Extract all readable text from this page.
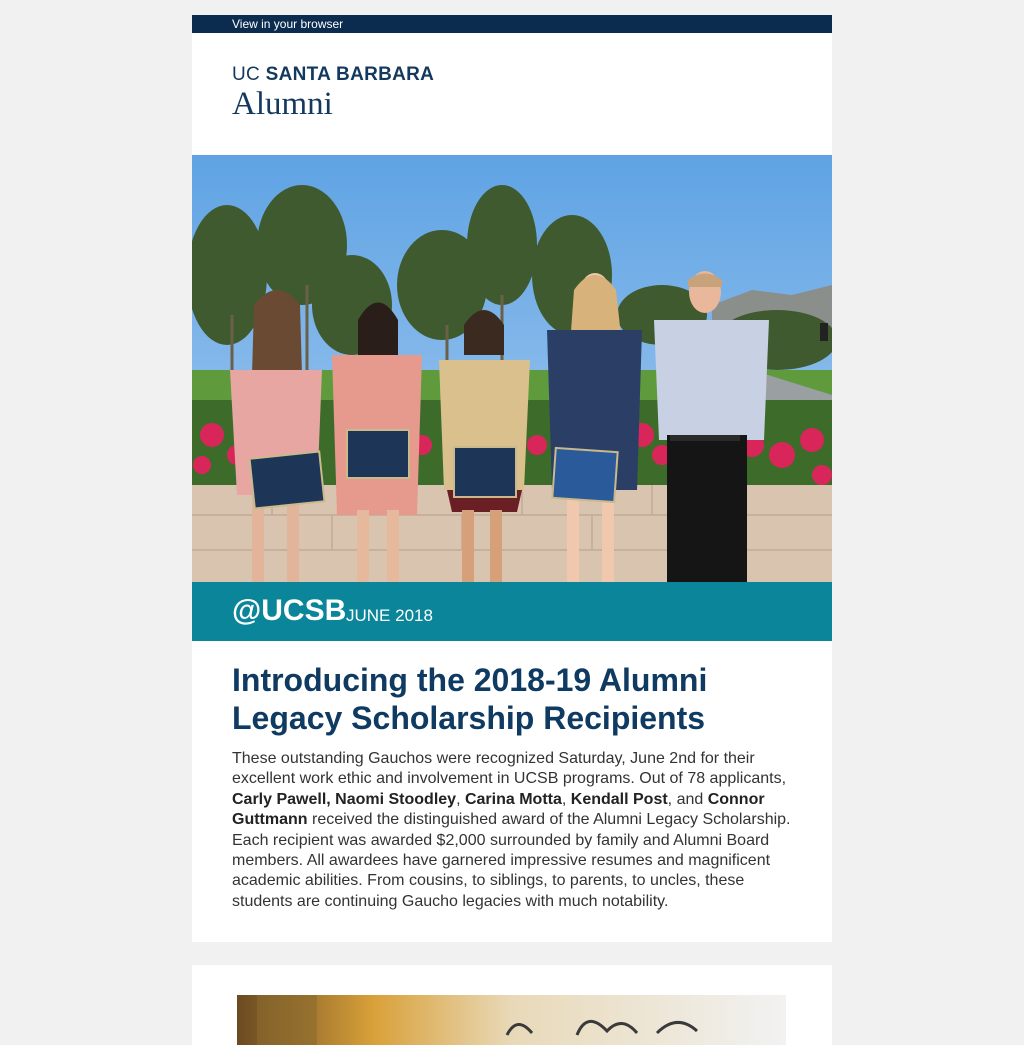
View in your browser
UC SANTA BARBARA
Alumni
@UCSB JUNE 2018
Introducing the 2018-19 Alumni Legacy Scholarship Recipients

These outstanding Gauchos were recognized Saturday, June 2nd for their excellent work ethic and involvement in UCSB programs. Out of 78 applicants, Carly Pawell, Naomi Stoodley, Carina Motta, Kendall Post, and Connor Guttmann received the distinguished award of the Alumni Legacy Scholarship. Each recipient was awarded $2,000 surrounded by family and Alumni Board members. All awardees have garnered impressive resumes and magnificent academic abilities. From cousins, to siblings, to parents, to uncles, these students are continuing Gaucho legacies with much notability.
